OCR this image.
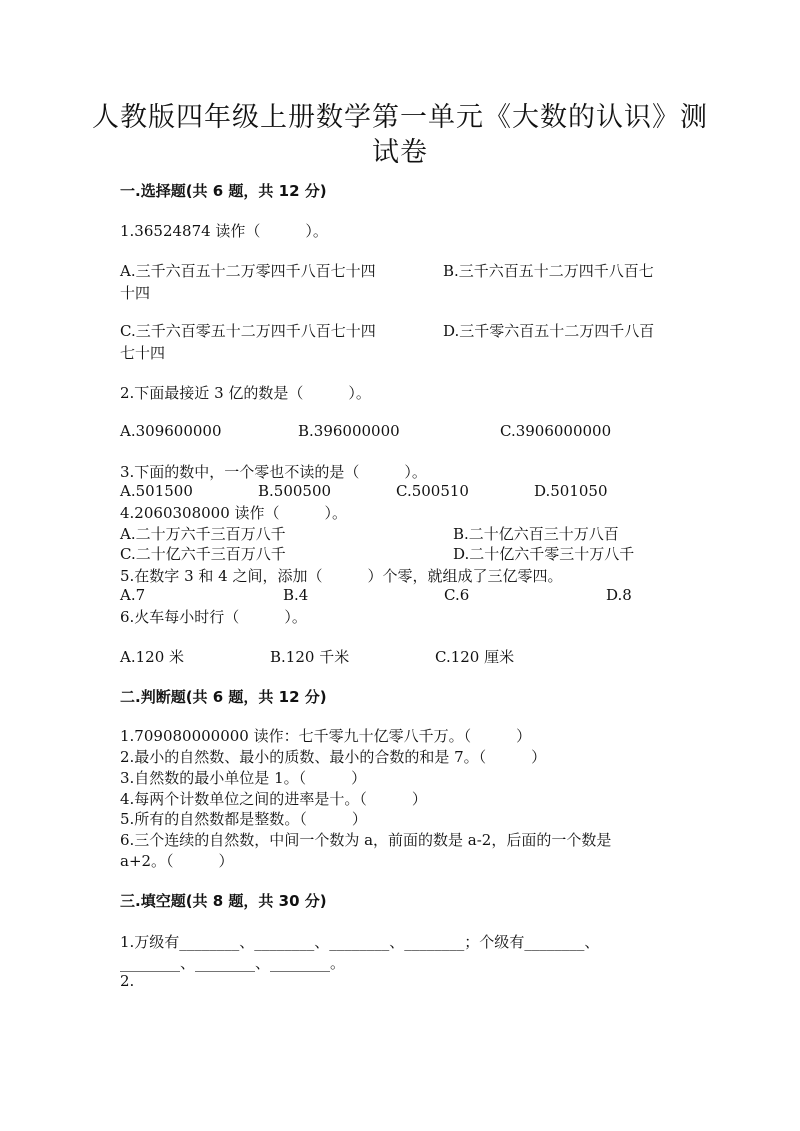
人教版四年级上册数学第一单元《大数的认识》测
试卷
一.选择题(共 6 题，共 12 分)
1.36524874 读作（　　　）。
A.三千六百五十二万零四千八百七十四	B.三千六百五十二万四千八百七
十四
C.三千六百零五十二万四千八百七十四	D.三千零六百五十二万四千八百
七十四
2.下面最接近 3 亿的数是（　　　）。
A.309600000	B.396000000	C.3906000000
3.下面的数中，一个零也不读的是（　　　）。
A.501500	B.500500	C.500510	D.501050
4.2060308000 读作（　　　）。
A.二十万六千三百万八千	B.二十亿六百三十万八百
C.二十亿六千三百万八千	D.二十亿六千零三十万八千
5.在数字 3 和 4 之间，添加（　　　）个零，就组成了三亿零四。
A.7	B.4	C.6	D.8
6.火车每小时行（　　　）。
A.120 米	B.120 千米	C.120 厘米
二.判断题(共 6 题，共 12 分)
1.709080000000 读作：七千零九十亿零八千万。（　　　）
2.最小的自然数、最小的质数、最小的合数的和是 7。（　　　）
3.自然数的最小单位是 1。（　　　）
4.每两个计数单位之间的进率是十。（　　　）
5.所有的自然数都是整数。（　　　）
6.三个连续的自然数，中间一个数为 a，前面的数是 a-2，后面的一个数是
a+2。（　　　）
三.填空题(共 8 题，共 30 分)
1.万级有________、________、________、________；个级有________、
________、________、________。
2.
